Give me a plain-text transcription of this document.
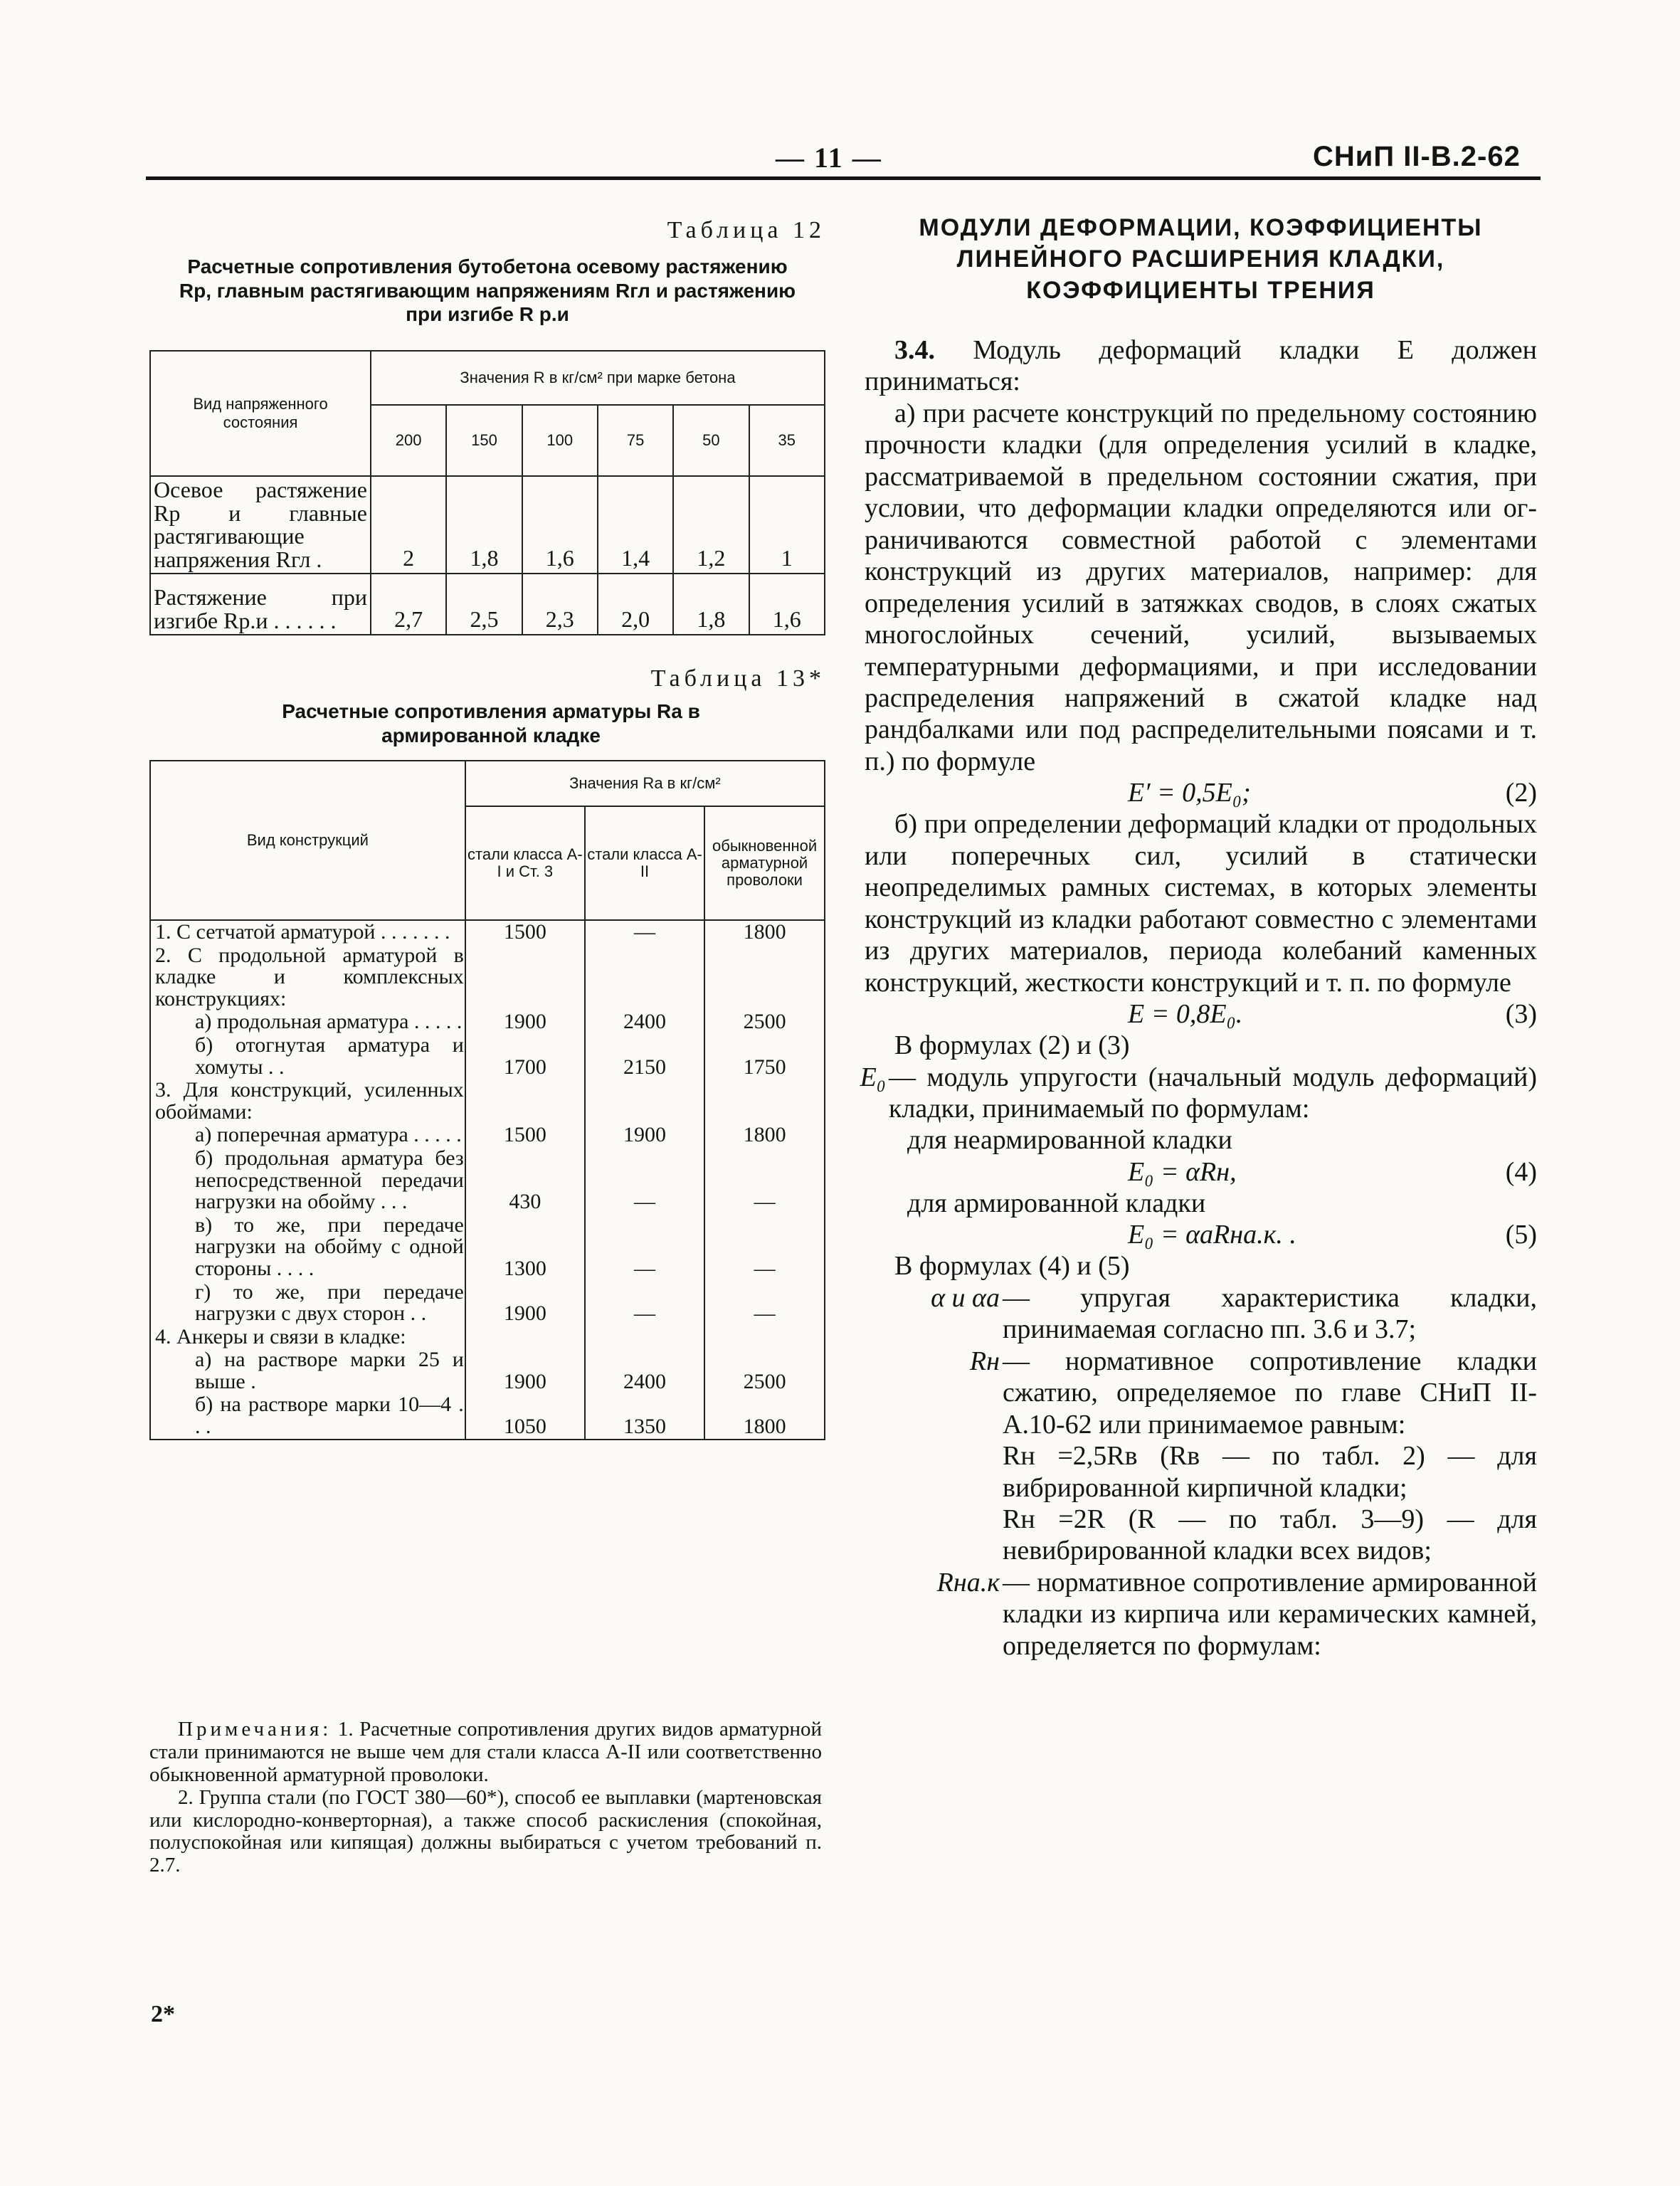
— 11 —	СНиП II-В.2-62
Таблица 12
Расчетные сопротивления бутобетона осевому растяжению Rр, главным растягивающим напряжениям Rгл и растяжению при изгибе R р.и
Вид напряженного состояния	Значения R в кг/см² при марке бетона					
	200	150	100	75	50	35
Осевое растяжение Rр и главные растягивающие напряжения Rгл .	2	1,8	1,6	1,4	1,2	1
Растяжение при изгибе Rр.и . . . . . .	2,7	2,5	2,3	2,0	1,8	1,6
Таблица 13*
Расчетные сопротивления арматуры Rа в армированной кладке
Вид конструкций	Значения Rа в кг/см²		
	стали класса А-I и Ст. 3	стали класса А-II	обыкновенной арматурной проволоки
1. С сетчатой арматурой . . . . . . .	1500	—	1800
2. С продольной арматурой в кладке и комплексных конструкциях:			
а) продольная арматура . . . . .	1900	2400	2500
б) отогнутая арматура и хомуты . .	1700	2150	1750
3. Для конструкций, усиленных обоймами:			
а) поперечная арматура . . . . .	1500	1900	1800
б) продольная арматура без непосредственной передачи нагрузки на обойму . . .	430	—	—
в) то же, при передаче нагрузки на обойму с одной стороны . . . .	1300	—	—
г) то же, при передаче нагрузки с двух сторон . .	1900	—	—
4. Анкеры и связи в кладке:			
а) на растворе марки 25 и выше .	1900	2400	2500
б) на растворе марки 10—4 . . .	1050	1350	1800

Примечания: 1. Расчетные сопротивления других видов арматурной стали принимаются не выше чем для стали класса А-II или соответственно обыкновенной арматурной проволоки.

2. Группа стали (по ГОСТ 380—60*), способ ее выплавки (мартеновская или кислородно-конверторная), а также способ раскисления (спокойная, полуспокойная или кипящая) должны выбираться с учетом требований п. 2.7.

2*
МОДУЛИ ДЕФОРМАЦИИ, КОЭФФИЦИЕНТЫ ЛИНЕЙНОГО РАСШИРЕНИЯ КЛАДКИ, КОЭФФИЦИЕНТЫ ТРЕНИЯ

3.4. Модуль деформаций кладки E должен приниматься:

а) при расчете конструкций по предельному состоянию прочности кладки (для определения усилий в кладке, рассматриваемой в предельном состоянии сжатия, при условии, что деформации кладки определяются или ограничиваются совместной работой с элементами конструкций из других материалов, например: для определения усилий в затяжках сводов, в слоях сжатых многослойных сечений, усилий, вызываемых температурными деформациями, и при исследовании распределения напряжений в сжатой кладке над рандбалками или под распределительными поясами и т. п.) по формуле

E′ = 0,5E₀;	(2)

б) при определении деформаций кладки от продольных или поперечных сил, усилий в статически неопределимых рамных системах, в которых элементы конструкций из кладки работают совместно с элементами из других материалов, периода колебаний каменных конструкций, жесткости конструкций и т. п. по формуле

E = 0,8E₀.	(3)

В формулах (2) и (3)

E₀ — модуль упругости (начальный модуль деформаций) кладки, принимаемый по формулам:

для неармированной кладки

E₀ = αRн,	(4)

для армированной кладки

E₀ = αаRна.к. .	(5)

В формулах (4) и (5)

α и αа — упругая характеристика кладки, принимаемая согласно пп. 3.6 и 3.7;
Rн — нормативное сопротивление кладки сжатию, определяемое по главе СНиП II-А.10-62 или принимаемое равным:

Rн =2,5Rв (Rв — по табл. 2) — для вибрированной кирпичной кладки;

Rн =2R (R — по табл. 3—9) — для невибрированной кладки всех видов;

Rна.к — нормативное сопротивление армированной кладки из кирпича или керамических камней, определяется по формулам:
